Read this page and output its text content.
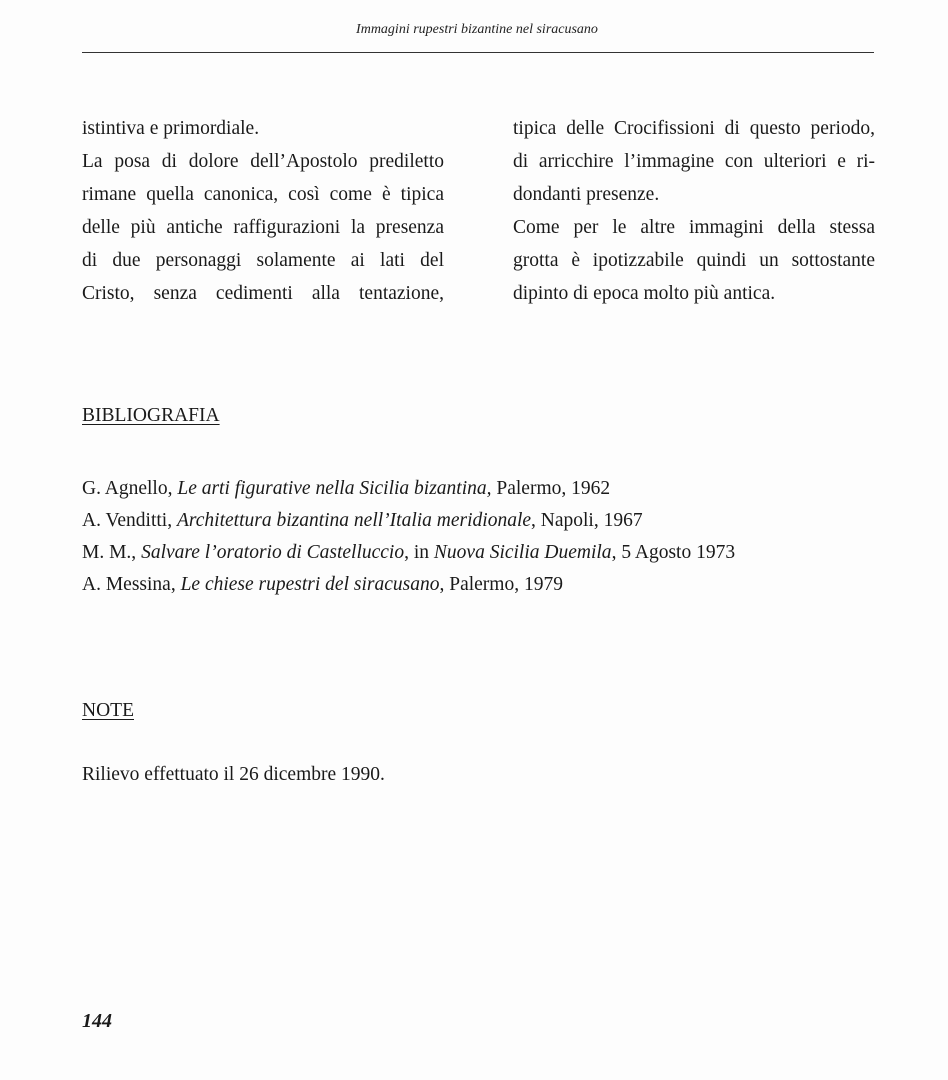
Immagini rupestri bizantine nel siracusano

istintiva e primordiale.

La posa di dolore dell’Apostolo prediletto
rimane quella canonica, così come è tipica
delle più antiche raffigurazioni la presenza
di due personaggi solamente ai lati del
Cristo, senza cedimenti alla tentazione,

tipica delle Crocifissioni di questo periodo,
di arricchire l’immagine con ulteriori e ri-
dondanti presenze.

Come per le altre immagini della stessa
grotta è ipotizzabile quindi un sottostante
dipinto di epoca molto più antica.

BIBLIOGRAFIA
G. Agnello, Le arti figurative nella Sicilia bizantina, Palermo, 1962
A. Venditti, Architettura bizantina nell’Italia meridionale, Napoli, 1967
M. M., Salvare l’oratorio di Castelluccio, in Nuova Sicilia Duemila, 5 Agosto 1973
A. Messina, Le chiese rupestri del siracusano, Palermo, 1979
NOTE
Rilievo effettuato il 26 dicembre 1990.
144
